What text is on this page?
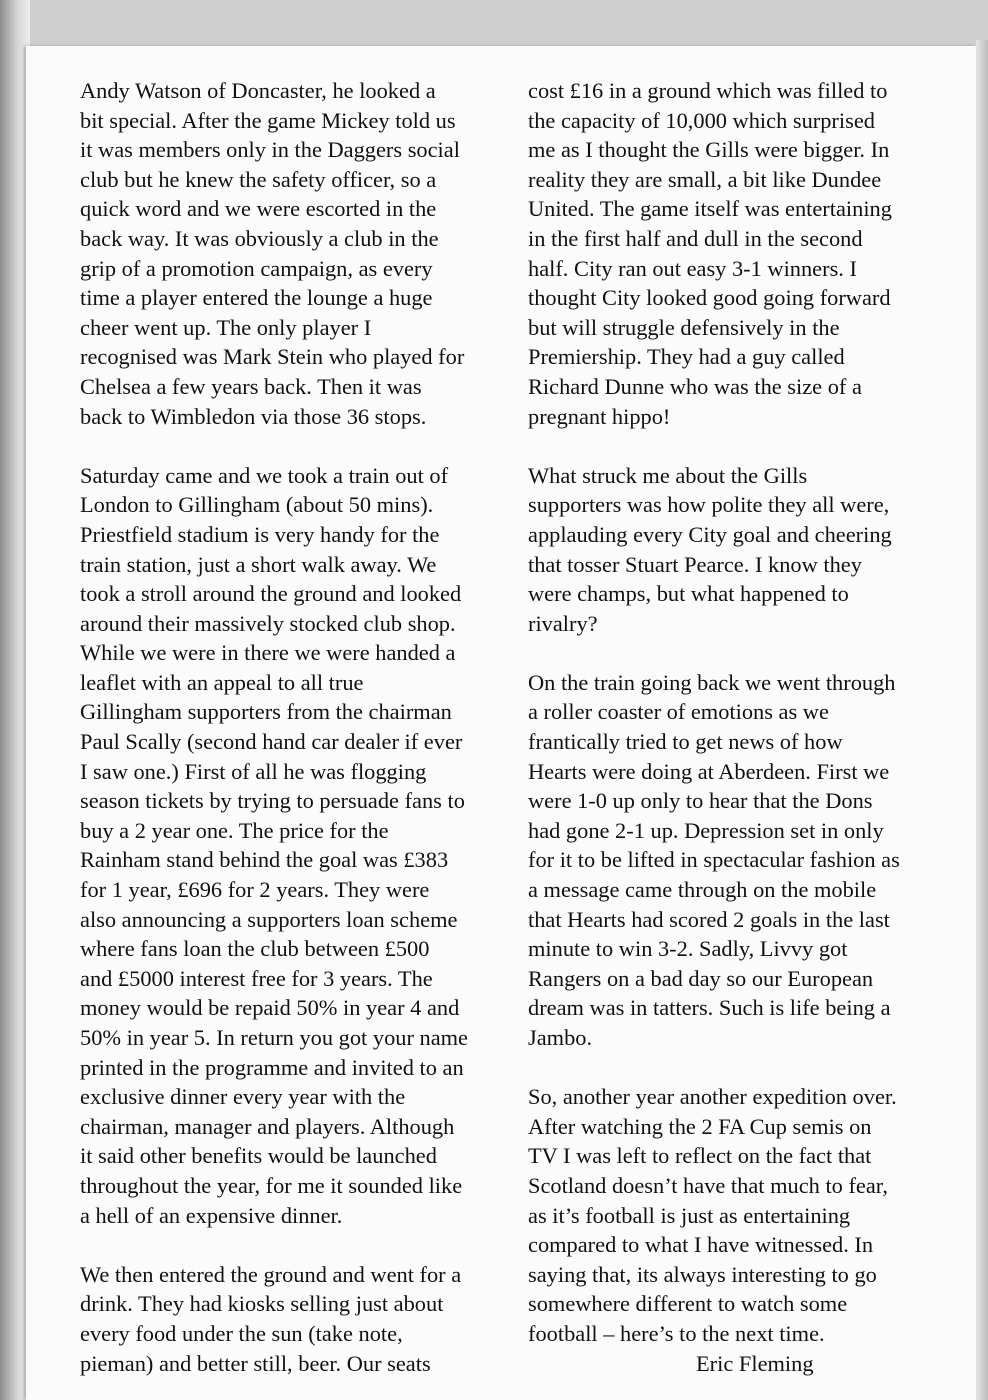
Andy Watson of Doncaster, he looked a
bit special. After the game Mickey told us
it was members only in the Daggers social
club but he knew the safety officer, so a
quick word and we were escorted in the
back way. It was obviously a club in the
grip of a promotion campaign, as every
time a player entered the lounge a huge
cheer went up. The only player I
recognised was Mark Stein who played for
Chelsea a few years back. Then it was
back to Wimbledon via those 36 stops.
Saturday came and we took a train out of
London to Gillingham (about 50 mins).
Priestfield stadium is very handy for the
train station, just a short walk away. We
took a stroll around the ground and looked
around their massively stocked club shop.
While we were in there we were handed a
leaflet with an appeal to all true
Gillingham supporters from the chairman
Paul Scally (second hand car dealer if ever
I saw one.) First of all he was flogging
season tickets by trying to persuade fans to
buy a 2 year one. The price for the
Rainham stand behind the goal was £383
for 1 year, £696 for 2 years. They were
also announcing a supporters loan scheme
where fans loan the club between £500
and £5000 interest free for 3 years. The
money would be repaid 50% in year 4 and
50% in year 5. In return you got your name
printed in the programme and invited to an
exclusive dinner every year with the
chairman, manager and players. Although
it said other benefits would be launched
throughout the year, for me it sounded like
a hell of an expensive dinner.
We then entered the ground and went for a
drink. They had kiosks selling just about
every food under the sun (take note,
pieman) and better still, beer. Our seats
cost £16 in a ground which was filled to
the capacity of 10,000 which surprised
me as I thought the Gills were bigger. In
reality they are small, a bit like Dundee
United. The game itself was entertaining
in the first half and dull in the second
half. City ran out easy 3-1 winners. I
thought City looked good going forward
but will struggle defensively in the
Premiership. They had a guy called
Richard Dunne who was the size of a
pregnant hippo!
What struck me about the Gills
supporters was how polite they all were,
applauding every City goal and cheering
that tosser Stuart Pearce. I know they
were champs, but what happened to
rivalry?
On the train going back we went through
a roller coaster of emotions as we
frantically tried to get news of how
Hearts were doing at Aberdeen. First we
were 1-0 up only to hear that the Dons
had gone 2-1 up. Depression set in only
for it to be lifted in spectacular fashion as
a message came through on the mobile
that Hearts had scored 2 goals in the last
minute to win 3-2. Sadly, Livvy got
Rangers on a bad day so our European
dream was in tatters. Such is life being a
Jambo.
So, another year another expedition over.
After watching the 2 FA Cup semis on
TV I was left to reflect on the fact that
Scotland doesn’t have that much to fear,
as it’s football is just as entertaining
compared to what I have witnessed. In
saying that, its always interesting to go
somewhere different to watch some
football – here’s to the next time.
Eric Fleming
